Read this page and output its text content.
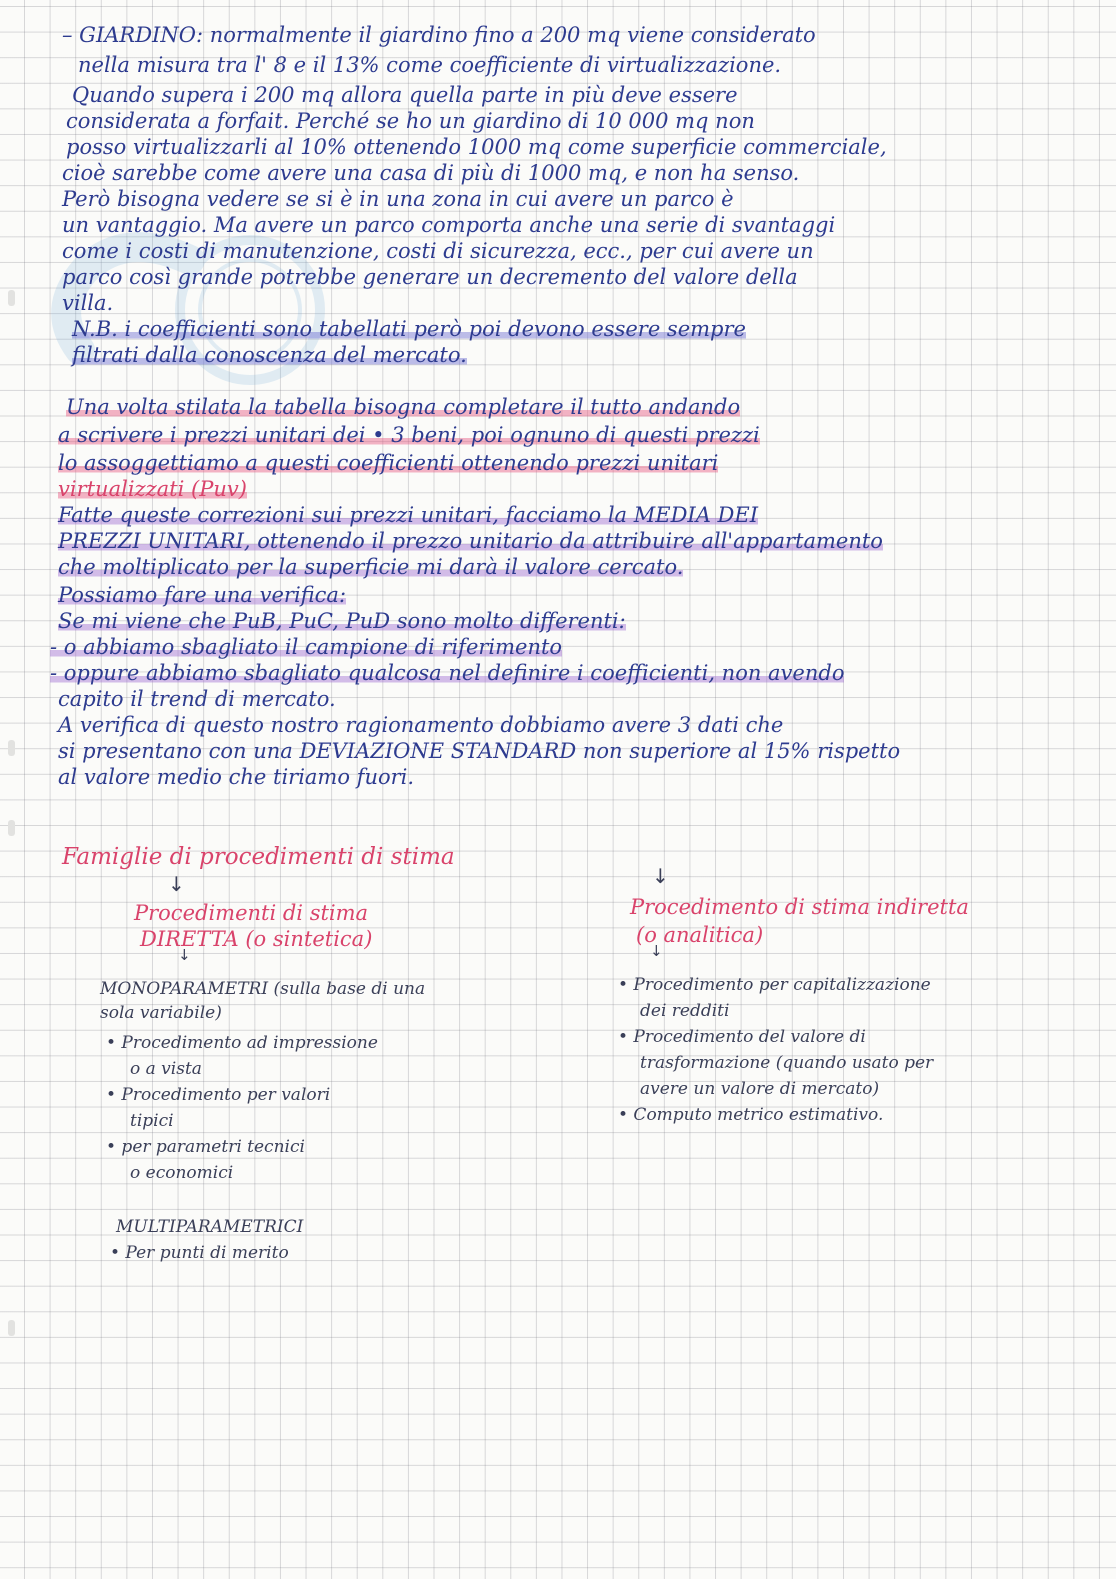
– GIARDINO: normalmente il giardino fino a 200 mq viene considerato
nella misura tra l' 8 e il 13% come coefficiente di virtualizzazione.
Quando supera i 200 mq allora quella parte in più deve essere
considerata a forfait. Perché se ho un giardino di 10 000 mq non
posso virtualizzarli al 10% ottenendo 1000 mq come superficie commerciale,
cioè sarebbe come avere una casa di più di 1000 mq, e non ha senso.
Però bisogna vedere se si è in una zona in cui avere un parco è
un vantaggio. Ma avere un parco comporta anche una serie di svantaggi
come i costi di manutenzione, costi di sicurezza, ecc., per cui avere un
parco così grande potrebbe generare un decremento del valore della
villa.
N.B. i coefficienti sono tabellati però poi devono essere sempre
filtrati dalla conoscenza del mercato.
Una volta stilata la tabella bisogna completare il tutto andando
a scrivere i prezzi unitari dei • 3 beni, poi ognuno di questi prezzi
lo assoggettiamo a questi coefficienti ottenendo prezzi unitari
virtualizzati (Puv)
Fatte queste correzioni sui prezzi unitari, facciamo la MEDIA DEI
PREZZI UNITARI, ottenendo il prezzo unitario da attribuire all'appartamento
che moltiplicato per la superficie mi darà il valore cercato.
Possiamo fare una verifica:
Se mi viene che PuB, PuC, PuD sono molto differenti:
- o abbiamo sbagliato il campione di riferimento
- oppure abbiamo sbagliato qualcosa nel definire i coefficienti, non avendo
capito il trend di mercato.
A verifica di questo nostro ragionamento dobbiamo avere 3 dati che
si presentano con una DEVIAZIONE STANDARD non superiore al 15% rispetto
al valore medio che tiriamo fuori.
Famiglie di procedimenti di stima
↓	↓
Procedimenti di stima
DIRETTA (o sintetica)
↓
Procedimento di stima indiretta
(o analitica)
↓
MONOPARAMETRI (sulla base di una
sola variabile)
• Procedimento ad impressione
o a vista
• Procedimento per valori
tipici
• per parametri tecnici
o economici
MULTIPARAMETRICI
• Per punti di merito
• Procedimento per capitalizzazione
dei redditi
• Procedimento del valore di
trasformazione (quando usato per
avere un valore di mercato)
• Computo metrico estimativo.
